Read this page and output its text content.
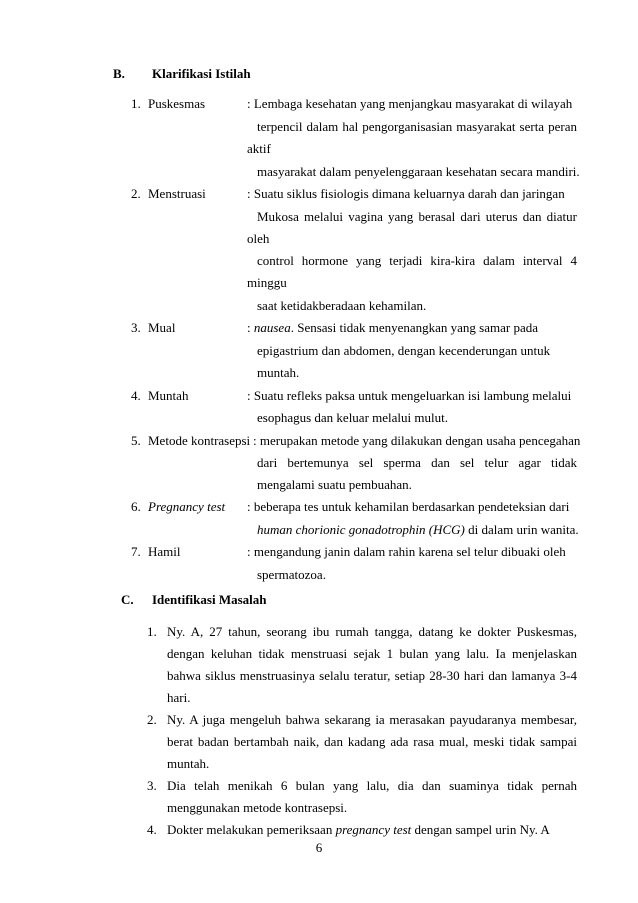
B. Klarifikasi Istilah
1. Puskesmas	: Lembaga kesehatan yang menjangkau masyarakat di wilayah
terpencil dalam hal pengorganisasian masyarakat serta peran
aktif
masyarakat dalam penyelenggaraan kesehatan secara mandiri.
2. Menstruasi	: Suatu siklus fisiologis dimana keluarnya darah dan jaringan
Mukosa melalui vagina yang berasal dari uterus dan diatur
oleh
control hormone yang terjadi kira-kira dalam interval 4
minggu
saat ketidakberadaan kehamilan.
3. Mual	: nausea. Sensasi tidak menyenangkan yang samar pada
epigastrium dan abdomen, dengan kecenderungan untuk
muntah.
4. Muntah	: Suatu refleks paksa untuk mengeluarkan isi lambung melalui
esophagus dan keluar melalui mulut.
5. Metode kontrasepsi : merupakan metode yang dilakukan dengan usaha pencegahan
dari bertemunya sel sperma dan sel telur agar tidak
mengalami suatu pembuahan.
6. Pregnancy test : beberapa tes untuk kehamilan berdasarkan pendeteksian dari
human chorionic gonadotrophin (HCG) di dalam urin wanita.
7. Hamil	: mengandung janin dalam rahin karena sel telur dibuaki oleh
spermatozoa.
C. Identifikasi Masalah
1. Ny. A, 27 tahun, seorang ibu rumah tangga, datang ke dokter Puskesmas,
dengan keluhan tidak menstruasi sejak 1 bulan yang lalu. Ia menjelaskan
bahwa siklus menstruasinya selalu teratur, setiap 28-30 hari dan lamanya 3-4
hari.
2. Ny. A juga mengeluh bahwa sekarang ia merasakan payudaranya membesar,
berat badan bertambah naik, dan kadang ada rasa mual, meski tidak sampai
muntah.
3. Dia telah menikah 6 bulan yang lalu, dia dan suaminya tidak pernah
menggunakan metode kontrasepsi.
4. Dokter melakukan pemeriksaan pregnancy test dengan sampel urin Ny. A
6
